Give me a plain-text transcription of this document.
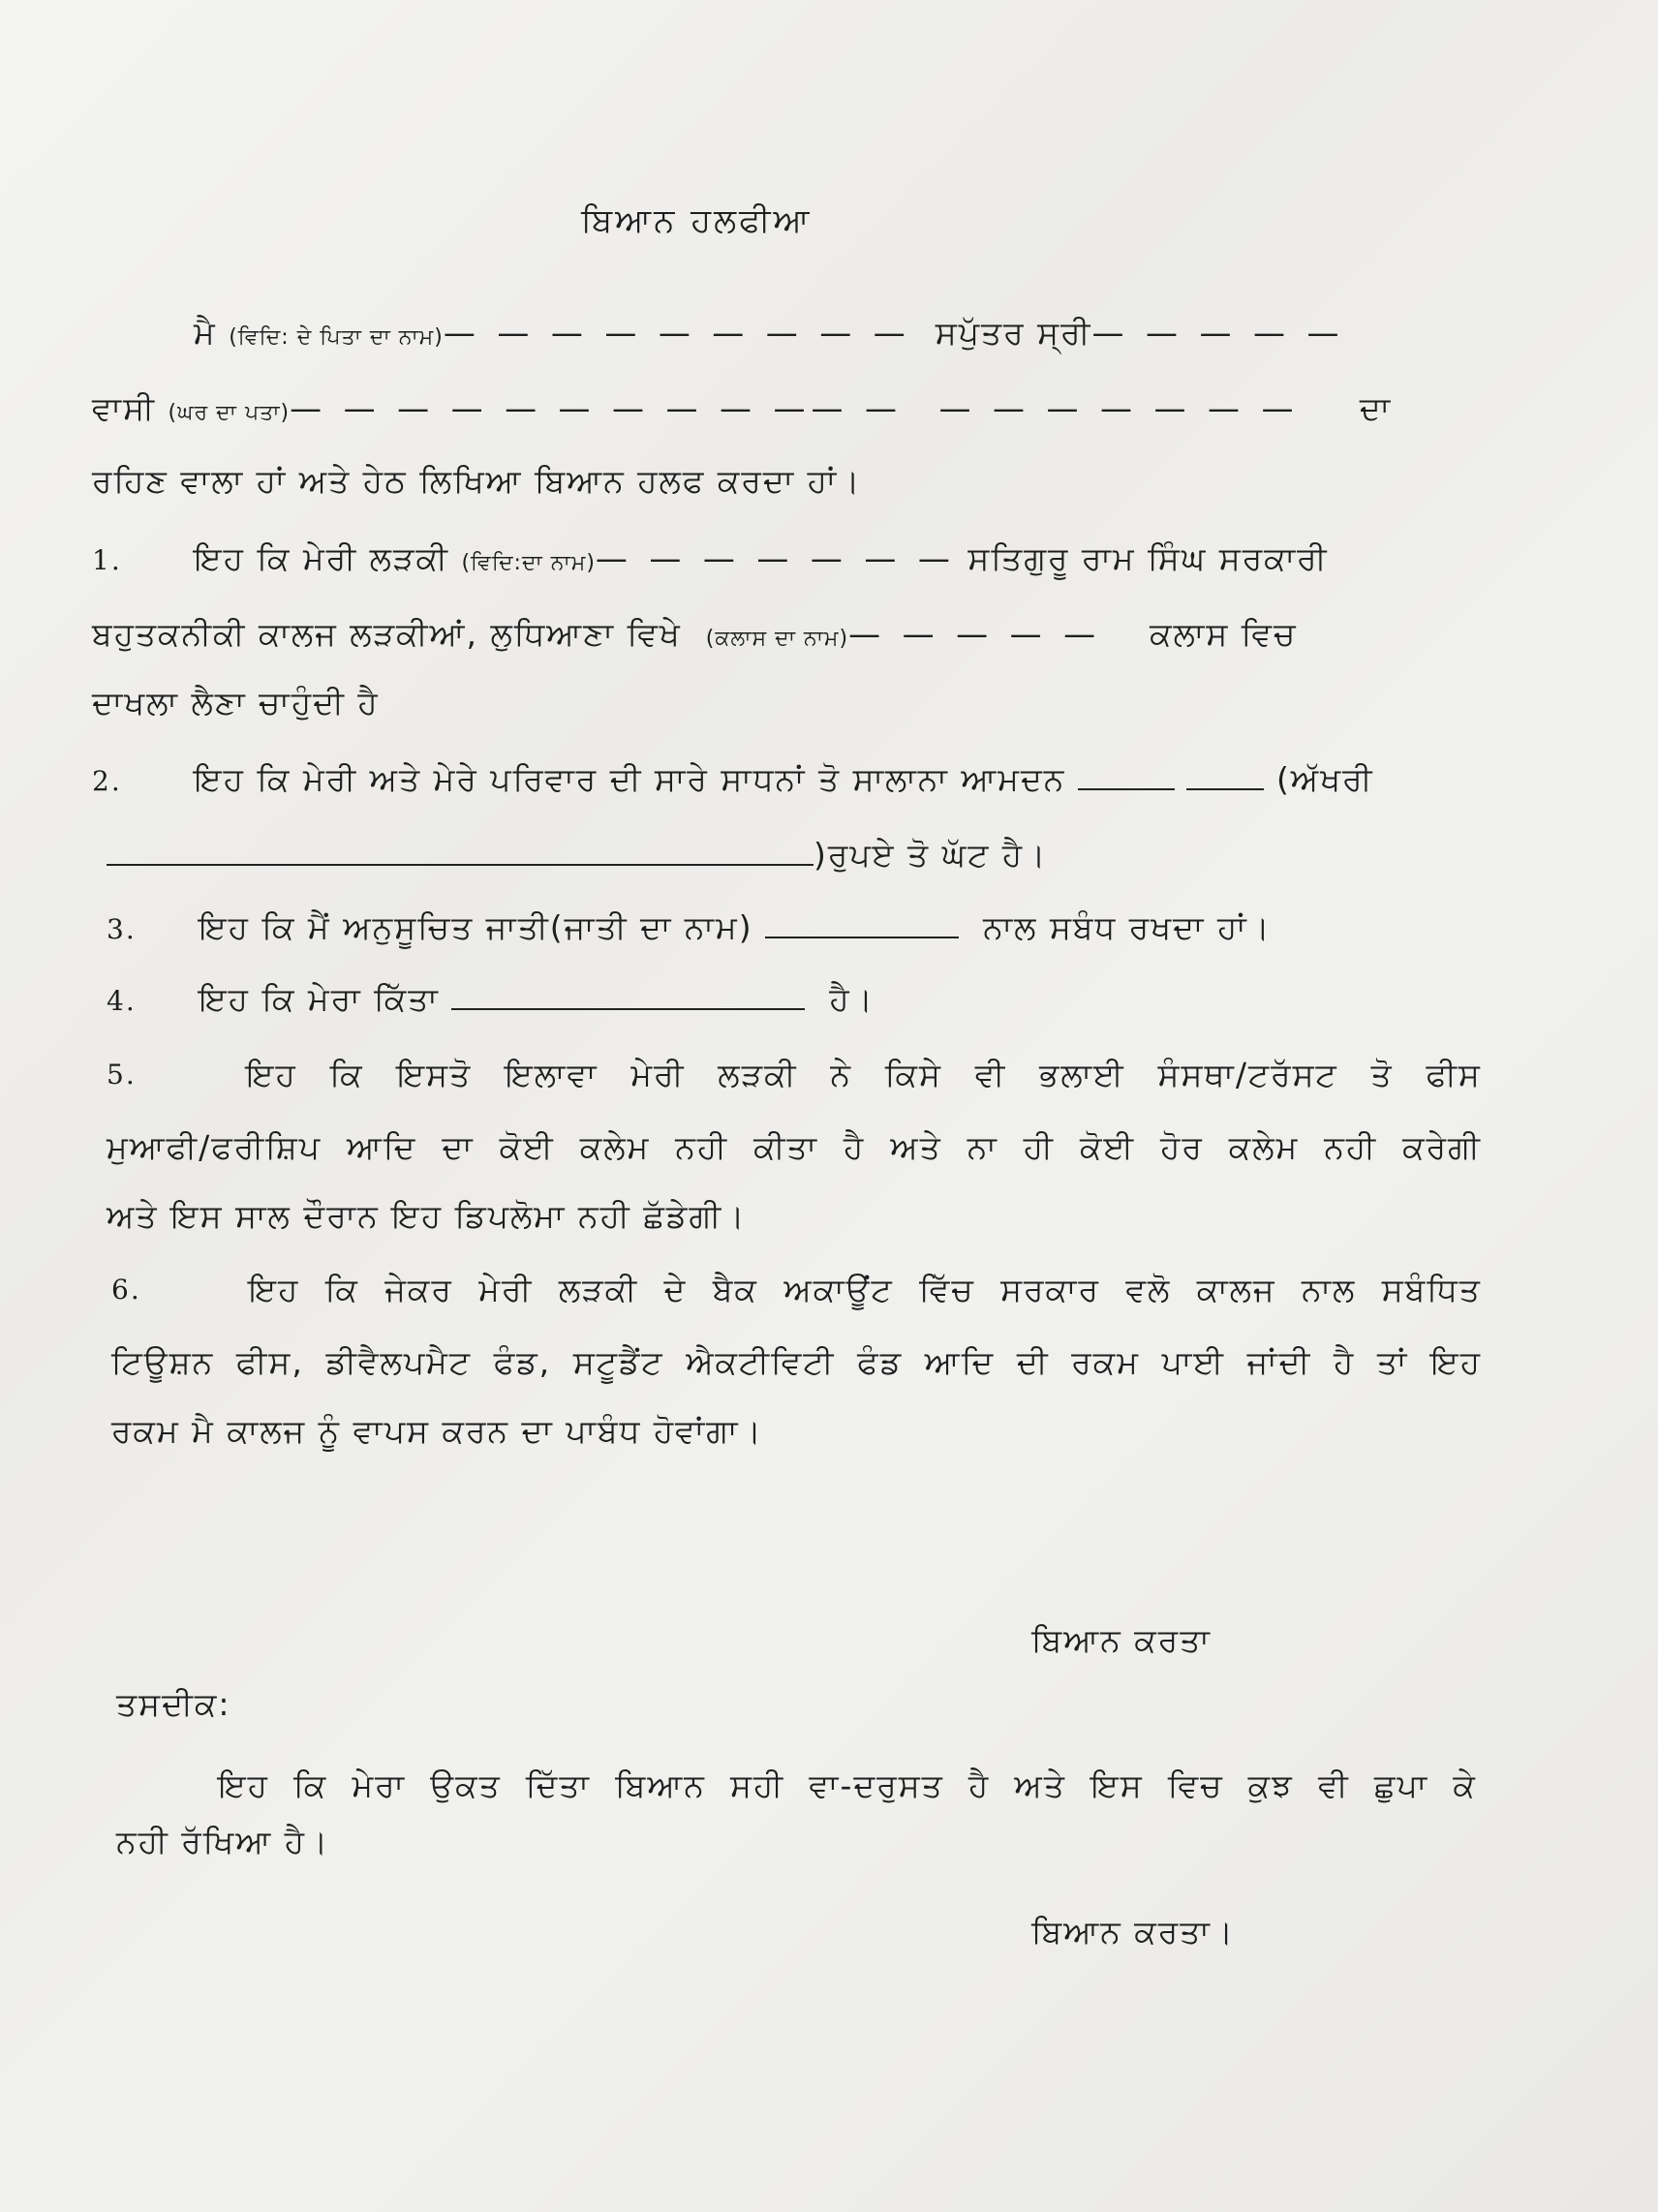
ਬਿਆਨ ਹਲਫੀਆ
ਮੈ (ਵਿਦਿ: ਦੇ ਪਿਤਾ ਦਾ ਨਾਮ)— — — — — — — — — ਸਪੁੱਤਰ ਸ੍ਰੀ— — — — —
ਵਾਸੀ (ਘਰ ਦਾ ਪਤਾ)— — — — — — — — — —— — — — — — — — — ਦਾ
ਰਹਿਣ ਵਾਲਾ ਹਾਂ ਅਤੇ ਹੇਠ ਲਿਖਿਆ ਬਿਆਨ ਹਲਫ ਕਰਦਾ ਹਾਂ।
1. ਇਹ ਕਿ ਮੇਰੀ ਲੜਕੀ (ਵਿਦਿ:ਦਾ ਨਾਮ)— — — — — — — ਸਤਿਗੁਰੂ ਰਾਮ ਸਿੰਘ ਸਰਕਾਰੀ
ਬਹੁਤਕਨੀਕੀ ਕਾਲਜ ਲੜਕੀਆਂ, ਲੁਧਿਆਣਾ ਵਿਖੇ (ਕਲਾਸ ਦਾ ਨਾਮ)— — — — — ਕਲਾਸ ਵਿਚ
ਦਾਖਲਾ ਲੈਣਾ ਚਾਹੁੰਦੀ ਹੈ
2. ਇਹ ਕਿ ਮੇਰੀ ਅਤੇ ਮੇਰੇ ਪਰਿਵਾਰ ਦੀ ਸਾਰੇ ਸਾਧਨਾਂ ਤੋ ਸਾਲਾਨਾ ਆਮਦਨ	(ਅੱਖਰੀ
)ਰੁਪਏ ਤੋ ਘੱਟ ਹੈ।
3. ਇਹ ਕਿ ਮੈਂ ਅਨੁਸੂਚਿਤ ਜਾਤੀ(ਜਾਤੀ ਦਾ ਨਾਮ)	ਨਾਲ ਸਬੰਧ ਰਖਦਾ ਹਾਂ।
4. ਇਹ ਕਿ ਮੇਰਾ ਕਿੱਤਾ	ਹੈ।
5.	ਇਹ ਕਿ ਇਸਤੋ ਇਲਾਵਾ ਮੇਰੀ ਲੜਕੀ ਨੇ ਕਿਸੇ ਵੀ ਭਲਾਈ ਸੰਸਥਾ/ਟਰੱਸਟ ਤੋ ਫੀਸ
ਮੁਆਫੀ/ਫਰੀਸ਼ਿਪ ਆਦਿ ਦਾ ਕੋਈ ਕਲੇਮ ਨਹੀ ਕੀਤਾ ਹੈ ਅਤੇ ਨਾ ਹੀ ਕੋਈ ਹੋਰ ਕਲੇਮ ਨਹੀ ਕਰੇਗੀ
ਅਤੇ ਇਸ ਸਾਲ ਦੌਰਾਨ ਇਹ ਡਿਪਲੋਮਾ ਨਹੀ ਛੱਡੇਗੀ।
6.	ਇਹ ਕਿ ਜੇਕਰ ਮੇਰੀ ਲੜਕੀ ਦੇ ਬੈਕ ਅਕਾਊਂਟ ਵਿੱਚ ਸਰਕਾਰ ਵਲੋ ਕਾਲਜ ਨਾਲ ਸਬੰਧਿਤ
ਟਿਊਸ਼ਨ ਫੀਸ, ਡੀਵੈਲਪਮੈਟ ਫੰਡ, ਸਟੂਡੈਂਟ ਐਕਟੀਵਿਟੀ ਫੰਡ ਆਦਿ ਦੀ ਰਕਮ ਪਾਈ ਜਾਂਦੀ ਹੈ ਤਾਂ ਇਹ
ਰਕਮ ਮੈ ਕਾਲਜ ਨੂੰ ਵਾਪਸ ਕਰਨ ਦਾ ਪਾਬੰਧ ਹੋਵਾਂਗਾ।
ਬਿਆਨ ਕਰਤਾ
ਤਸਦੀਕ:
ਇਹ ਕਿ ਮੇਰਾ ਉਕਤ ਦਿੱਤਾ ਬਿਆਨ ਸਹੀ ਵਾ-ਦਰੁਸਤ ਹੈ ਅਤੇ ਇਸ ਵਿਚ ਕੁਝ ਵੀ ਛੁਪਾ ਕੇ
ਨਹੀ ਰੱਖਿਆ ਹੈ।
ਬਿਆਨ ਕਰਤਾ।
